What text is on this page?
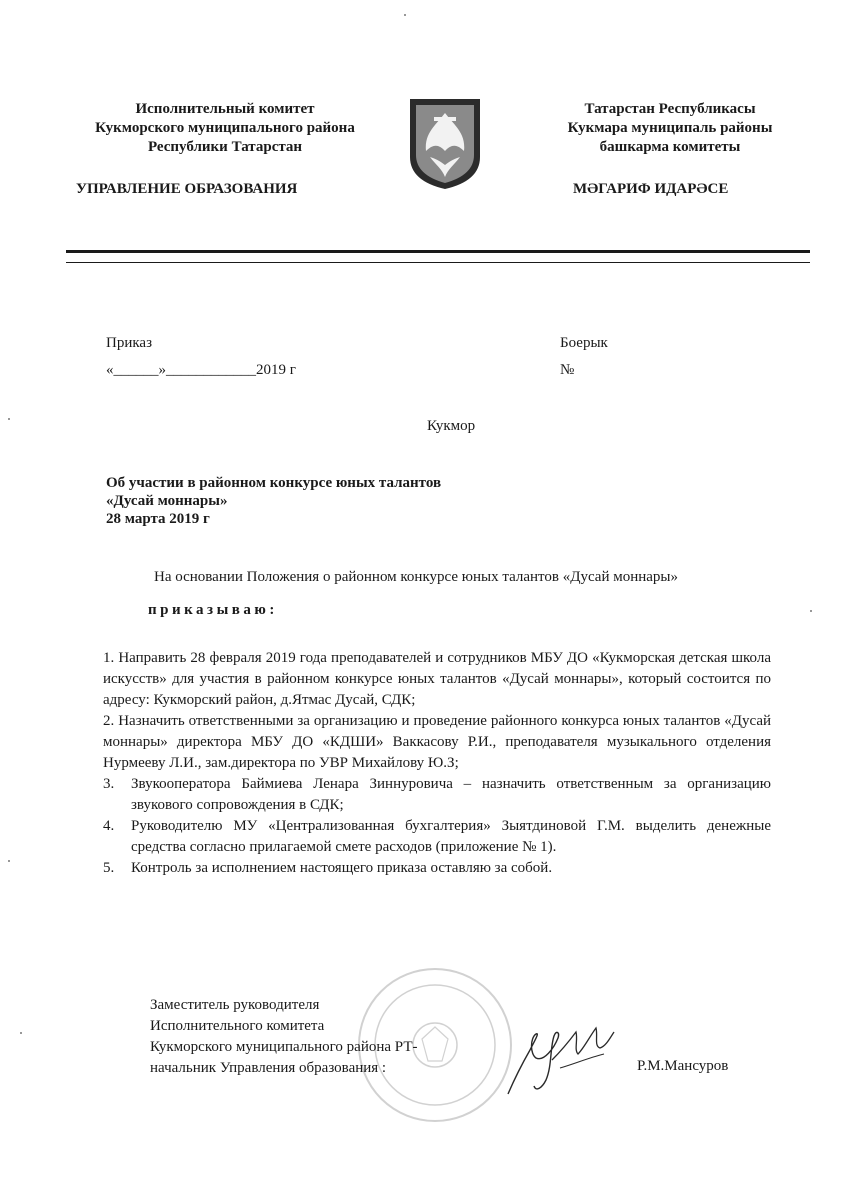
Исполнительный комитет
Кукморского муниципального района
Республики Татарстан
Татарстан Республикасы
Кукмара муниципаль районы
башкарма комитеты
УПРАВЛЕНИЕ ОБРАЗОВАНИЯ	МӘГАРИФ ИДАРӘСЕ
Приказ
«______»____________2019 г
Боерык
№
Кукмор
Об участии в районном конкурсе юных талантов
«Дусай моннары»
28 марта 2019 г
На основании Положения о районном конкурсе юных талантов «Дусай моннары»
приказываю:
1. Направить 28 февраля 2019 года преподавателей и сотрудников МБУ ДО «Кукморская детская школа искусств» для участия в районном конкурсе юных талантов «Дусай моннары», который состоится по адресу: Кукморский район, д.Ятмас Дусай, СДК;
2. Назначить ответственными за организацию и проведение районного конкурса юных талантов «Дусай моннары» директора МБУ ДО «КДШИ» Ваккасову Р.И., преподавателя музыкального отделения Нурмееву Л.И., зам.директора по УВР Михайлову Ю.З;
3.	Звукооператора Баймиева Ленара Зиннуровича – назначить ответственным за организацию звукового сопровождения в СДК;
4.	Руководителю МУ «Централизованная бухгалтерия» Зыятдиновой Г.М. выделить денежные средства согласно прилагаемой смете расходов (приложение № 1).
5.	Контроль за исполнением настоящего приказа оставляю за собой.
Заместитель руководителя
Исполнительного комитета
Кукморского муниципального района РТ-
начальник Управления образования :	Р.М.Мансуров
